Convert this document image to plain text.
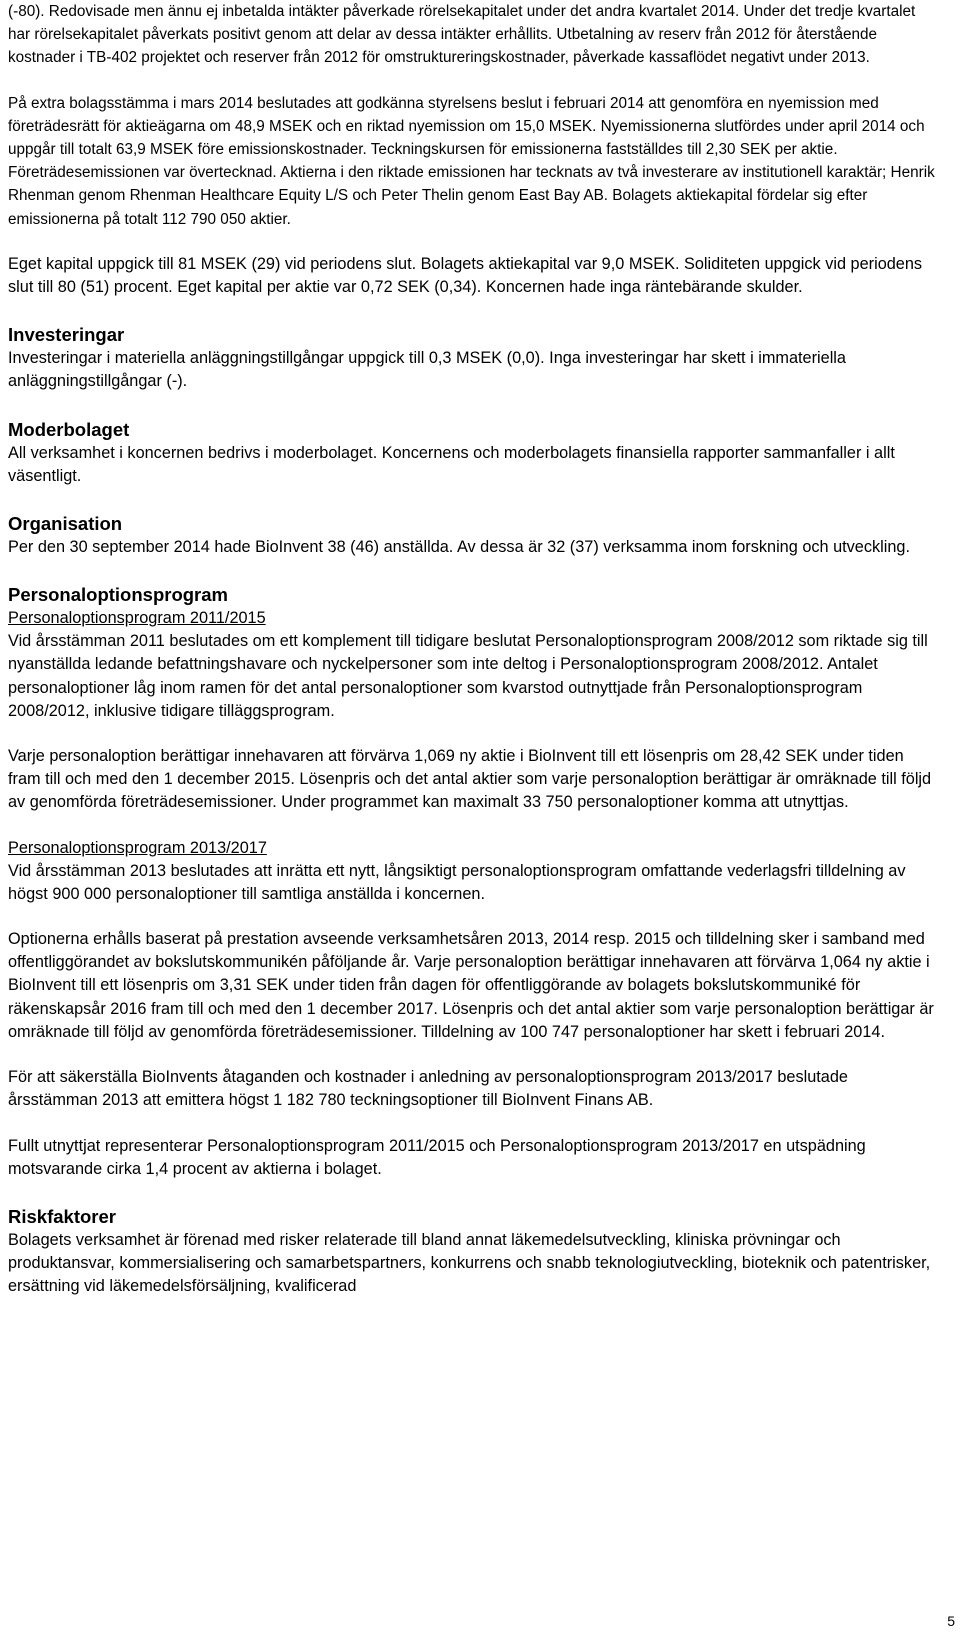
(-80). Redovisade men ännu ej inbetalda intäkter påverkade rörelsekapitalet under det andra kvartalet 2014. Under det tredje kvartalet har rörelsekapitalet påverkats positivt genom att delar av dessa intäkter erhållits. Utbetalning av reserv från 2012 för återstående kostnader i TB-402 projektet och reserver från 2012 för omstruktureringskostnader, påverkade kassaflödet negativt under 2013.

På extra bolagsstämma i mars 2014 beslutades att godkänna styrelsens beslut i februari 2014 att genomföra en nyemission med företrädesrätt för aktieägarna om 48,9 MSEK och en riktad nyemission om 15,0 MSEK. Nyemissionerna slutfördes under april 2014 och uppgår till totalt 63,9 MSEK före emissionskostnader. Teckningskursen för emissionerna fastställdes till 2,30 SEK per aktie. Företrädesemissionen var övertecknad. Aktierna i den riktade emissionen har tecknats av två investerare av institutionell karaktär; Henrik Rhenman genom Rhenman Healthcare Equity L/S och Peter Thelin genom East Bay AB. Bolagets aktiekapital fördelar sig efter emissionerna på totalt 112 790 050 aktier.

Eget kapital uppgick till 81 MSEK (29) vid periodens slut. Bolagets aktiekapital var 9,0 MSEK. Soliditeten uppgick vid periodens slut till 80 (51) procent. Eget kapital per aktie var 0,72 SEK (0,34). Koncernen hade inga räntebärande skulder.

Investeringar

Investeringar i materiella anläggningstillgångar uppgick till 0,3 MSEK (0,0). Inga investeringar har skett i immateriella anläggningstillgångar (-).

Moderbolaget

All verksamhet i koncernen bedrivs i moderbolaget. Koncernens och moderbolagets finansiella rapporter sammanfaller i allt väsentligt.

Organisation

Per den 30 september 2014 hade BioInvent 38 (46) anställda. Av dessa är 32 (37) verksamma inom forskning och utveckling.

Personaloptionsprogram
Personaloptionsprogram 2011/2015

Vid årsstämman 2011 beslutades om ett komplement till tidigare beslutat Personaloptionsprogram 2008/2012 som riktade sig till nyanställda ledande befattningshavare och nyckelpersoner som inte deltog i Personaloptionsprogram 2008/2012. Antalet personaloptioner låg inom ramen för det antal personaloptioner som kvarstod outnyttjade från Personaloptionsprogram 2008/2012, inklusive tidigare tilläggsprogram.

Varje personaloption berättigar innehavaren att förvärva 1,069 ny aktie i BioInvent till ett lösenpris om 28,42 SEK under tiden fram till och med den 1 december 2015. Lösenpris och det antal aktier som varje personaloption berättigar är omräknade till följd av genomförda företrädesemissioner. Under programmet kan maximalt 33 750 personaloptioner komma att utnyttjas.

Personaloptionsprogram 2013/2017

Vid årsstämman 2013 beslutades att inrätta ett nytt, långsiktigt personaloptionsprogram omfattande vederlagsfri tilldelning av högst 900 000 personaloptioner till samtliga anställda i koncernen.

Optionerna erhålls baserat på prestation avseende verksamhetsåren 2013, 2014 resp. 2015 och tilldelning sker i samband med offentliggörandet av bokslutskommunikén påföljande år. Varje personaloption berättigar innehavaren att förvärva 1,064 ny aktie i BioInvent till ett lösenpris om 3,31 SEK under tiden från dagen för offentliggörande av bolagets bokslutskommuniké för räkenskapsår 2016 fram till och med den 1 december 2017. Lösenpris och det antal aktier som varje personaloption berättigar är omräknade till följd av genomförda företrädesemissioner. Tilldelning av 100 747 personaloptioner har skett i februari 2014.

För att säkerställa BioInvents åtaganden och kostnader i anledning av personaloptionsprogram 2013/2017 beslutade årsstämman 2013 att emittera högst 1 182 780 teckningsoptioner till BioInvent Finans AB.

Fullt utnyttjat representerar Personaloptionsprogram 2011/2015 och Personaloptionsprogram 2013/2017 en utspädning motsvarande cirka 1,4 procent av aktierna i bolaget.

Riskfaktorer

Bolagets verksamhet är förenad med risker relaterade till bland annat läkemedelsutveckling, kliniska prövningar och produktansvar, kommersialisering och samarbetspartners, konkurrens och snabb teknologiutveckling, bioteknik och patentrisker, ersättning vid läkemedelsförsäljning, kvalificerad

5
